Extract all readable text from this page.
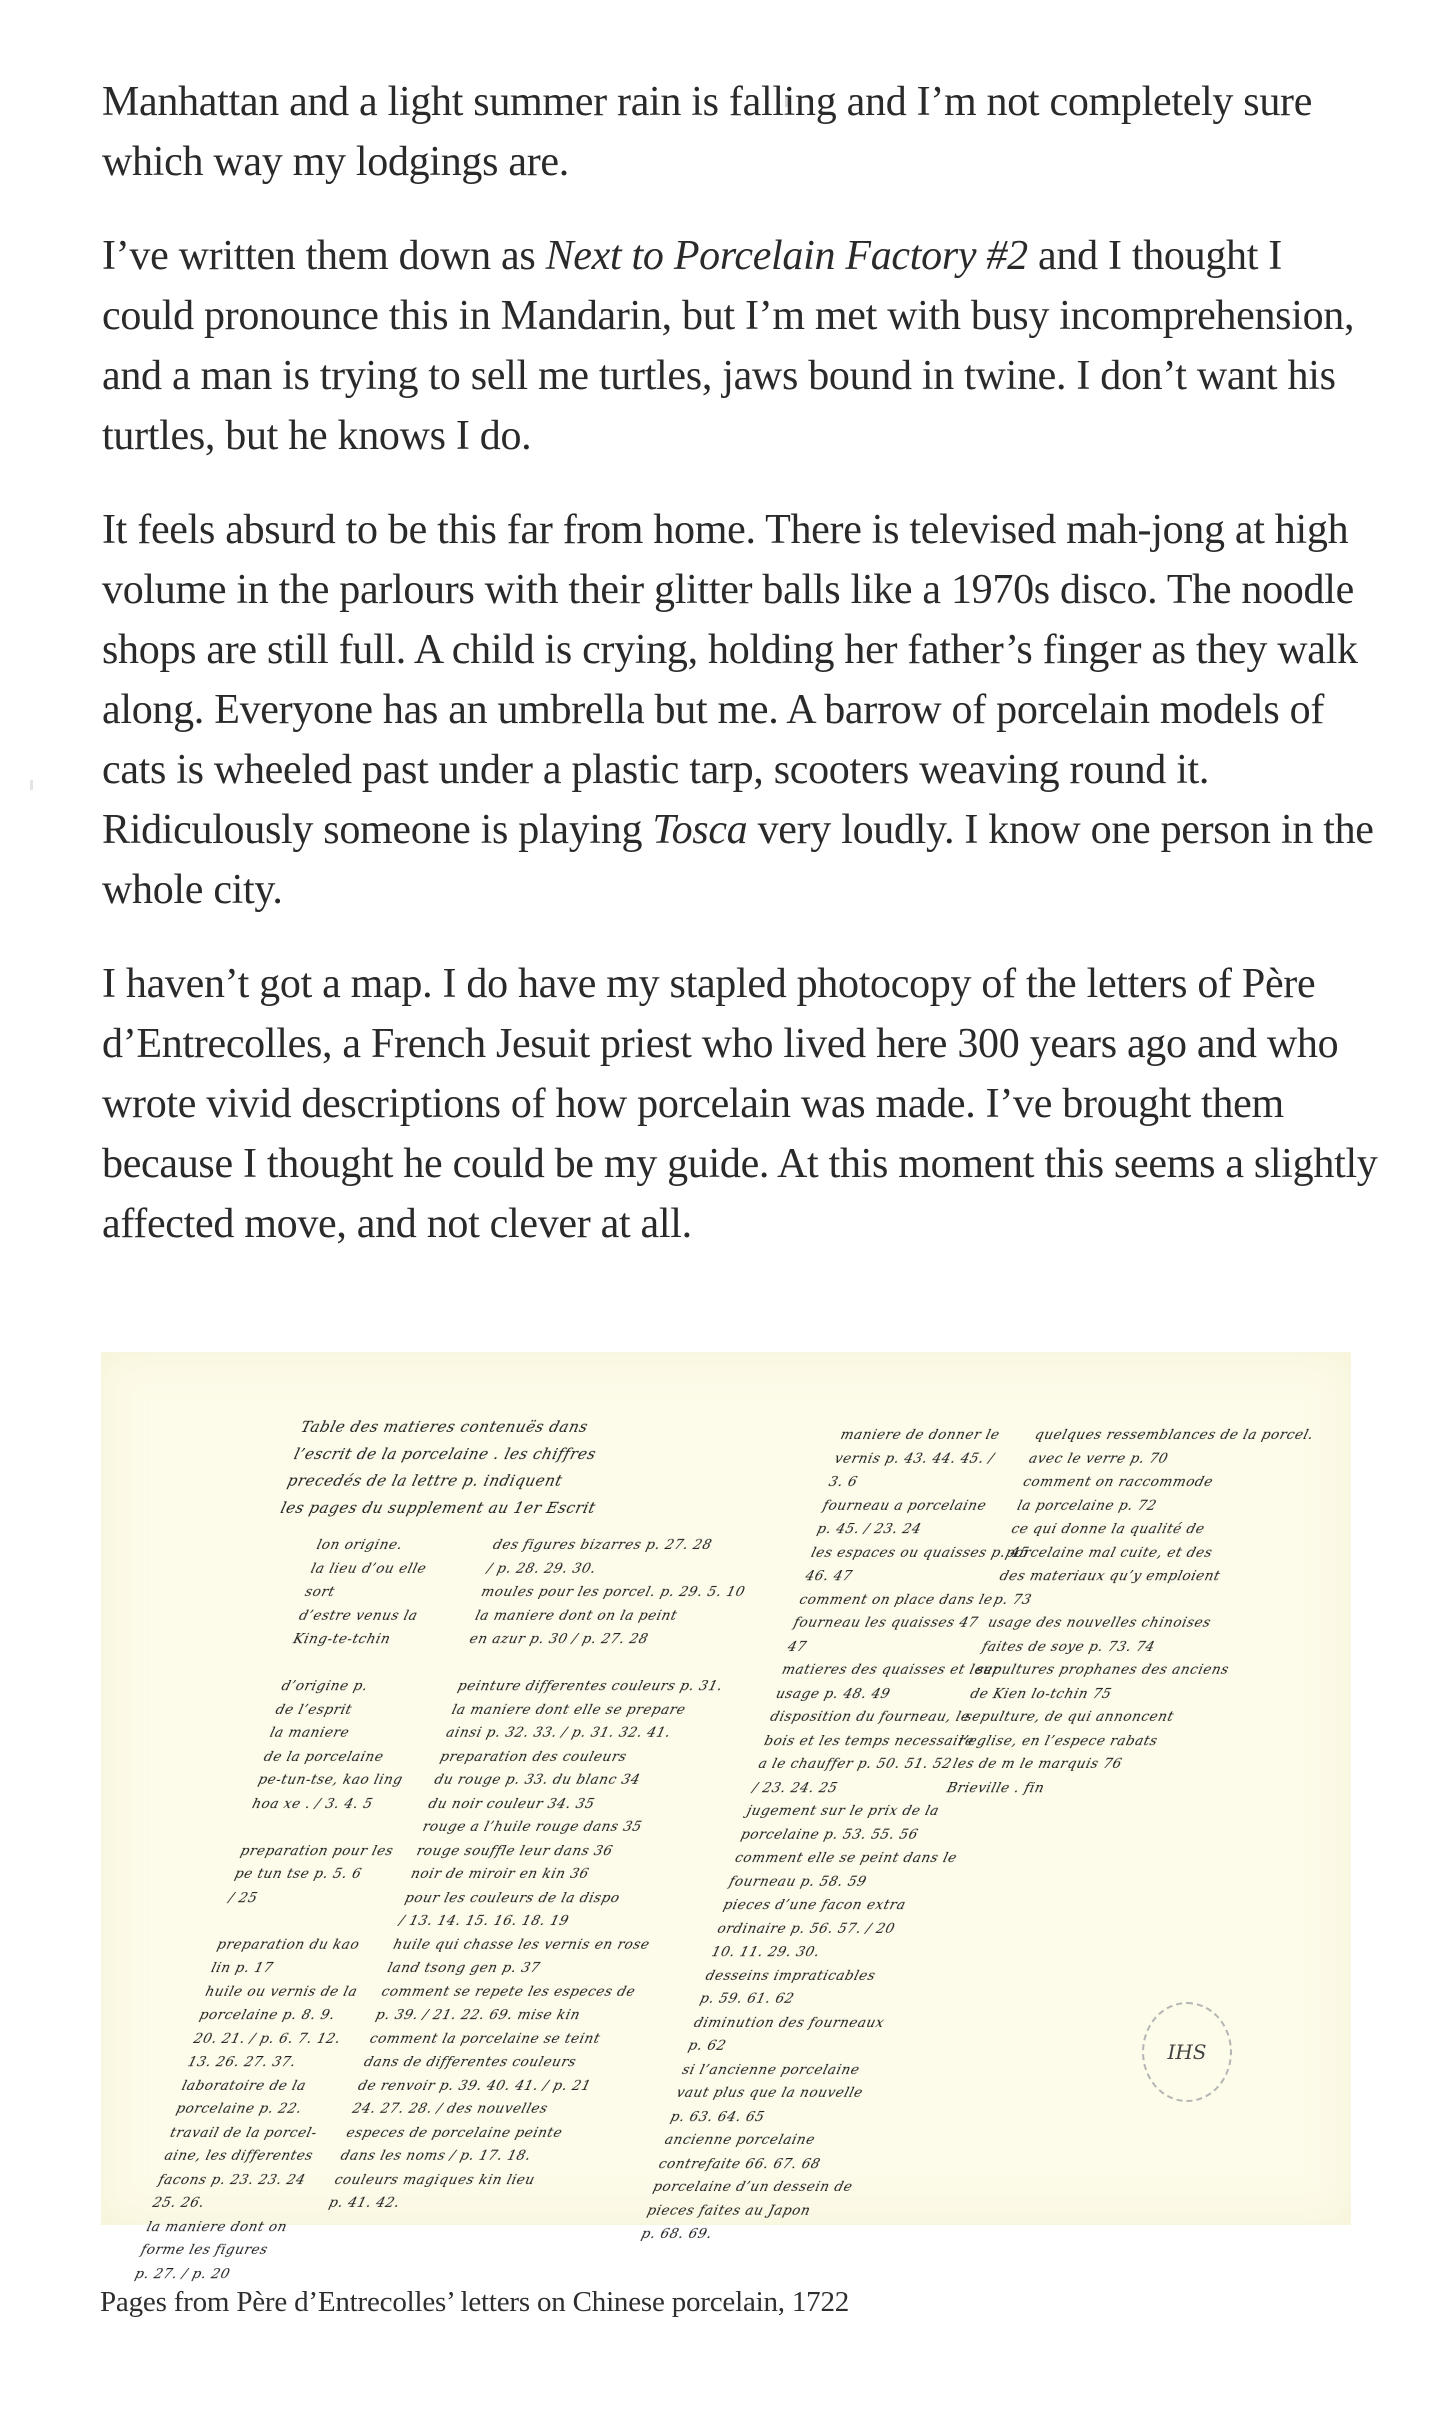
Manhattan and a light summer rain is falling and I’m not completely sure which way my lodgings are.

I’ve written them down as Next to Porcelain Factory #2 and I thought I could pronounce this in Mandarin, but I’m met with busy incomprehension, and a man is trying to sell me turtles, jaws bound in twine. I don’t want his turtles, but he knows I do.

It feels absurd to be this far from home. There is televised mah-jong at high volume in the parlours with their glitter balls like a 1970s disco. The noodle shops are still full. A child is crying, holding her father’s finger as they walk along. Everyone has an umbrella but me. A barrow of porcelain models of cats is wheeled past under a plastic tarp, scooters weaving round it. Ridiculously someone is playing Tosca very loudly. I know one person in the whole city.

I haven’t got a map. I do have my stapled photocopy of the letters of Père d’Entrecolles, a French Jesuit priest who lived here 300 years ago and who wrote vivid descriptions of how porcelain was made. I’ve brought them because I thought he could be my guide. At this moment this seems a slightly affected move, and not clever at all.

Table des matieres contenuës dans
l’escrit de la porcelaine . les chiffres
precedés de la lettre p. indiquent
les pages du supplement au 1er Escrit
lon origine.
la lieu d’ou elle
sort
d’estre venus la
King-te-tchin

d’origine p.
de l’esprit
la maniere
de la porcelaine
pe-tun-tse, kao ling
hoa xe . / 3. 4. 5

preparation pour les
pe tun tse p. 5. 6
/ 25

preparation du kao
lin p. 17
huile ou vernis de la
porcelaine p. 8. 9.
20. 21. / p. 6. 7. 12.
13. 26. 27. 37.
laboratoire de la
porcelaine p. 22.
travail de la porcel-
aine, les differentes
facons p. 23. 23. 24
25. 26.
la maniere dont on
forme les figures
p. 27. / p. 20
des figures bizarres p. 27. 28
/ p. 28. 29. 30.
moules pour les porcel. p. 29. 5. 10
la maniere dont on la peint
en azur p. 30 / p. 27. 28

peinture differentes couleurs p. 31.
la maniere dont elle se prepare
ainsi p. 32. 33. / p. 31. 32. 41.
preparation des couleurs
du rouge p. 33. du blanc 34
du noir couleur 34. 35
rouge a l’huile rouge dans 35
rouge souffle leur dans 36
noir de miroir en kin 36
pour les couleurs de la dispo
/ 13. 14. 15. 16. 18. 19
huile qui chasse les vernis en rose
land tsong gen p. 37
comment se repete les especes de
p. 39. / 21. 22. 69. mise kin
comment la porcelaine se teint
dans de differentes couleurs
de renvoir p. 39. 40. 41. / p. 21
24. 27. 28. / des nouvelles
especes de porcelaine peinte
dans les noms / p. 17. 18.
couleurs magiques kin lieu
p. 41. 42.
maniere de donner le
vernis p. 43. 44. 45. /
3. 6
fourneau a porcelaine
p. 45. / 23. 24
les espaces ou quaisses p. 45
46. 47
comment on place dans le
fourneau les quaisses 47
47
matieres des quaisses et leur
usage p. 48. 49
disposition du fourneau, le
bois et les temps necessaire
a le chauffer p. 50. 51. 52
/ 23. 24. 25
jugement sur le prix de la
porcelaine p. 53. 55. 56
comment elle se peint dans le
fourneau p. 58. 59
pieces d’une facon extra
ordinaire p. 56. 57. / 20
10. 11. 29. 30.
desseins impraticables
p. 59. 61. 62
diminution des fourneaux
p. 62
si l’ancienne porcelaine
vaut plus que la nouvelle
p. 63. 64. 65
ancienne porcelaine
contrefaite 66. 67. 68
porcelaine d’un dessein de
pieces faites au Japon
p. 68. 69.
quelques ressemblances de la porcel.
avec le verre p. 70
comment on raccommode
la porcelaine p. 72
ce qui donne la qualité de
porcelaine mal cuite, et des
des materiaux qu’y emploient
p. 73
usage des nouvelles chinoises
faites de soye p. 73. 74
sepultures prophanes des anciens
de Kien lo-tchin 75
sepulture, de qui annoncent
l’eglise, en l’espece rabats
les de m le marquis 76
Brieville . fin
IHS
Pages from Père d’Entrecolles’ letters on Chinese porcelain, 1722
